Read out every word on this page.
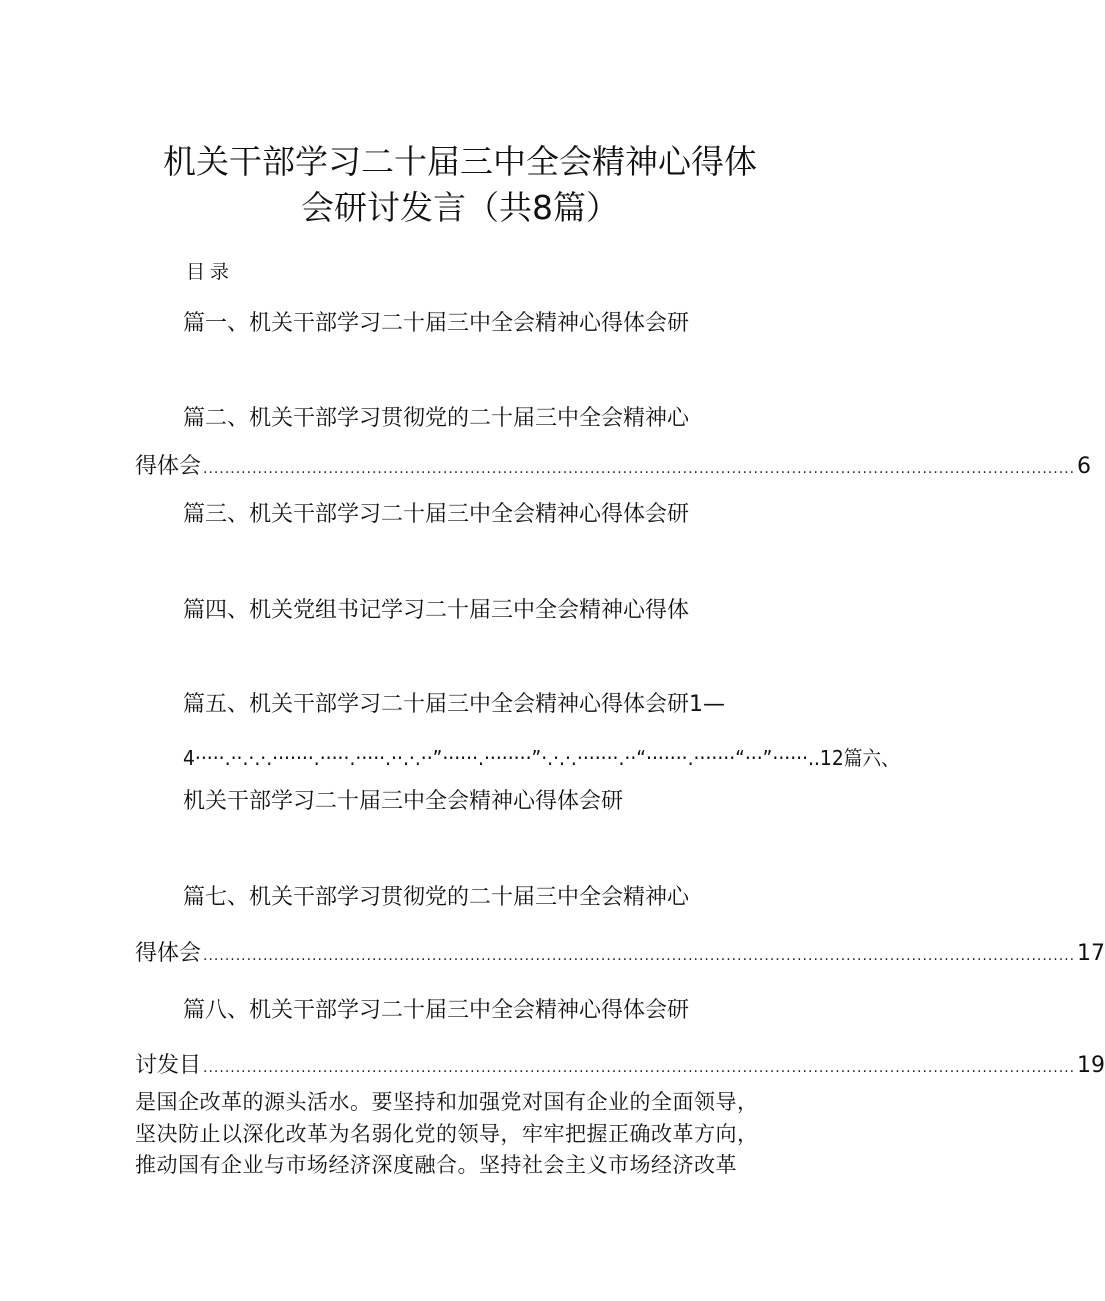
机关干部学习二十届三中全会精神心得体
会研讨发言（共8篇）
目录
篇一、机关干部学习二十届三中全会精神心得体会研
篇二、机关干部学习贯彻党的二十届三中全会精神心
得体会 ................................................................................................................................................................ 6
篇三、机关干部学习二十届三中全会精神心得体会研
篇四、机关党组书记学习二十届三中全会精神心得体
篇五、机关干部学习二十届三中全会精神心得体会研1—
4·····.··.·.·.·······.·····.·····.··.·.··”······.········”·.·.·.·······.··“·······.·······“···”······..12篇六、
机关干部学习二十届三中全会精神心得体会研
篇七、机关干部学习贯彻党的二十届三中全会精神心
得体会 ................................................................................................................................................................ 17
篇八、机关干部学习二十届三中全会精神心得体会研
讨发目 ................................................................................................................................................................ 19
是国企改革的源头活水。要坚持和加强党对国有企业的全面领导，
坚决防止以深化改革为名弱化党的领导，牢牢把握正确改革方向，
推动国有企业与市场经济深度融合。坚持社会主义市场经济改革
